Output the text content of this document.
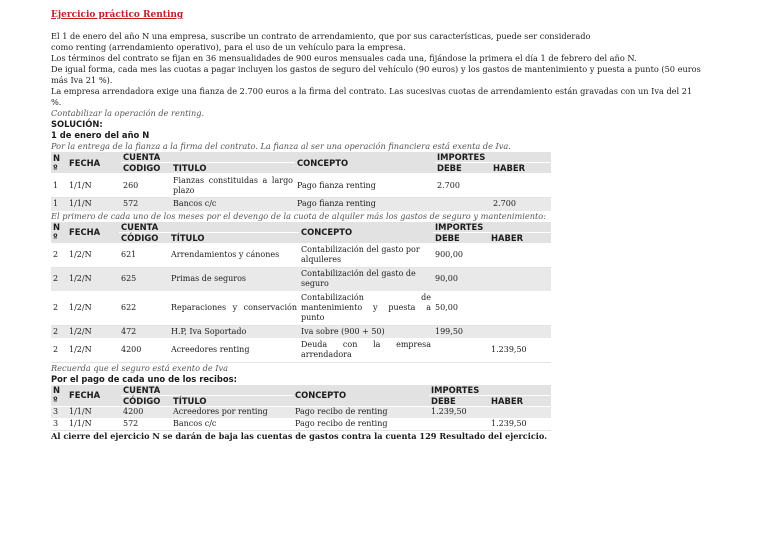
Ejercicio práctico Renting

El 1 de enero del año N una empresa, suscribe un contrato de arrendamiento, que por sus características, puede ser considerado

como renting (arrendamiento operativo), para el uso de un vehículo para la empresa.

Los términos del contrato se fijan en 36 mensualidades de 900 euros mensuales cada una, fijándose la primera el día 1 de febrero del año N.

De igual forma, cada mes las cuotas a pagar incluyen los gastos de seguro del vehículo (90 euros) y los gastos de mantenimiento y puesta a punto (50 euros

más Iva 21 %).

La empresa arrendadora exige una fianza de 2.700 euros a la firma del contrato. Las sucesivas cuotas de arrendamiento están gravadas con un Iva del 21

%.

Contabilizar la operación de renting.
SOLUCIÓN:
1 de enero del año N
Por la entrega de la fianza a la firma del contrato. La fianza al ser una operación financiera está exenta de Iva.
N
º	FECHA	CUENTA		CONCEPTO	IMPORTES	
		CODIGO	TITULO		DEBE	HABER
1	1/1/N	260	Fianzas constituidas a largo plazo	Pago fianza renting	2.700	
1	1/1/N	572	Bancos c/c	Pago fianza renting		2.700
El primero de cada uno de los meses por el devengo de la cuota de alquiler más los gastos de seguro y mantenimiento:
N
º	FECHA	CUENTA		CONCEPTO	IMPORTES	
		CÓDIGO	TÍTULO		DEBE	HABER
2	1/2/N	621	Arrendamientos y cánones	Contabilización del gasto por alquileres	900,00	
2	1/2/N	625	Primas de seguros	Contabilización del gasto de seguro	90,00	
2	1/2/N	622	Reparaciones y conservación	Contabilización de mantenimiento y puesta a punto	50,00	
2	1/2/N	472	H.P, Iva Soportado	Iva sobre (900 + 50)	199,50	
2	1/2/N	4200	Acreedores renting	Deuda con la empresa arrendadora		1.239,50
Recuerda que el seguro está exento de Iva
Por el pago de cada uno de los recibos:
N
º	FECHA	CUENTA		CONCEPTO	IMPORTES	
		CÓDIGO	TÍTULO		DEBE	HABER
3	1/1/N	4200	Acreedores por renting	Pago recibo de renting	1.239,50	
3	1/1/N	572	Bancos c/c	Pago recibo de renting		1.239,50
Al cierre del ejercicio N se darán de baja las cuentas de gastos contra la cuenta 129 Resultado del ejercicio.
